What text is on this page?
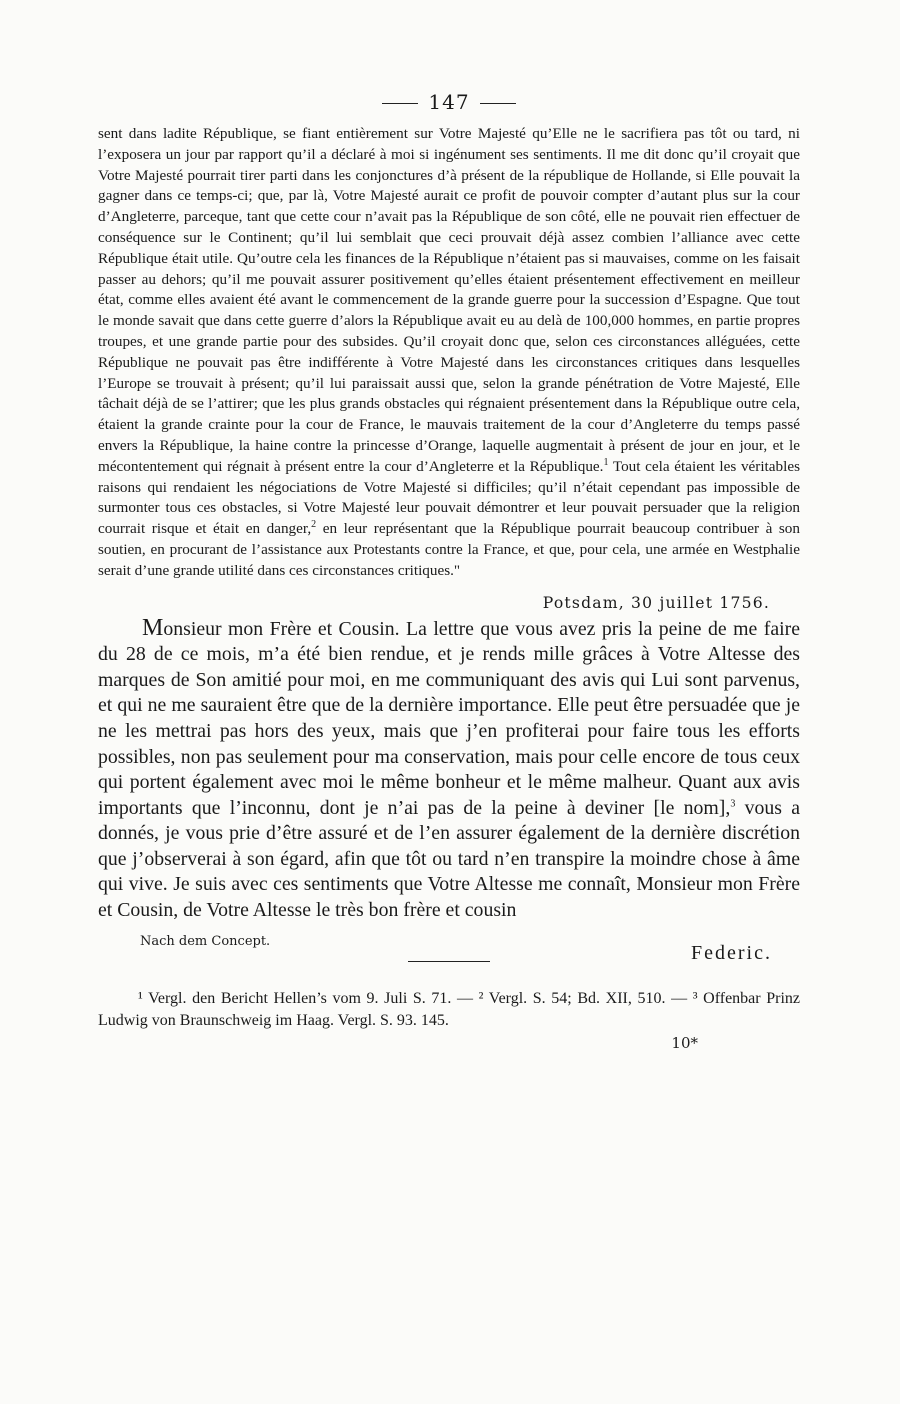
147

sent dans ladite République, se fiant entièrement sur Votre Majesté qu’Elle ne le sacrifiera pas tôt ou tard, ni l’exposera un jour par rapport qu’il a déclaré à moi si ingénument ses sentiments. Il me dit donc qu’il croyait que Votre Majesté pourrait tirer parti dans les conjonctures d’à présent de la république de Hollande, si Elle pouvait la gagner dans ce temps-ci; que, par là, Votre Majesté aurait ce profit de pouvoir compter d’autant plus sur la cour d’Angleterre, parceque, tant que cette cour n’avait pas la République de son côté, elle ne pouvait rien effectuer de conséquence sur le Continent; qu’il lui semblait que ceci prouvait déjà assez combien l’alliance avec cette République était utile. Qu’outre cela les finances de la République n’étaient pas si mauvaises, comme on les faisait passer au dehors; qu’il me pouvait assurer positivement qu’elles étaient présentement effectivement en meilleur état, comme elles avaient été avant le commencement de la grande guerre pour la succession d’Espagne. Que tout le monde savait que dans cette guerre d’alors la République avait eu au delà de 100,000 hommes, en partie propres troupes, et une grande partie pour des subsides. Qu’il croyait donc que, selon ces circonstances alléguées, cette République ne pouvait pas être indifférente à Votre Majesté dans les circonstances critiques dans lesquelles l’Europe se trouvait à présent; qu’il lui paraissait aussi que, selon la grande pénétration de Votre Majesté, Elle tâchait déjà de se l’attirer; que les plus grands obstacles qui régnaient présentement dans la République outre cela, étaient la grande crainte pour la cour de France, le mauvais traitement de la cour d’Angleterre du temps passé envers la République, la haine contre la princesse d’Orange, laquelle augmentait à présent de jour en jour, et le mécontentement qui régnait à présent entre la cour d’Angleterre et la République.$^1$ Tout cela étaient les véritables raisons qui rendaient les négociations de Votre Majesté si difficiles; qu’il n’était cependant pas impossible de surmonter tous ces obstacles, si Votre Majesté leur pouvait démontrer et leur pouvait persuader que la religion courrait risque et était en danger,$^2$ en leur représentant que la République pourrait beaucoup contribuer à son soutien, en procurant de l’assistance aux Protestants contre la France, et que, pour cela, une armée en Westphalie serait d’une grande utilité dans ces circonstances critiques."

Potsdam, 30 juillet 1756.

Monsieur mon Frère et Cousin. La lettre que vous avez pris la peine de me faire du 28 de ce mois, m’a été bien rendue, et je rends mille grâces à Votre Altesse des marques de Son amitié pour moi, en me communiquant des avis qui Lui sont parvenus, et qui ne me sauraient être que de la dernière importance. Elle peut être persuadée que je ne les mettrai pas hors des yeux, mais que j’en profiterai pour faire tous les efforts possibles, non pas seulement pour ma conservation, mais pour celle encore de tous ceux qui portent également avec moi le même bonheur et le même malheur. Quant aux avis importants que l’inconnu, dont je n’ai pas de la peine à deviner [le nom],$^3$ vous a donnés, je vous prie d’être assuré et de l’en assurer également de la dernière discrétion que j’observerai à son égard, afin que tôt ou tard n’en transpire la moindre chose à âme qui vive. Je suis avec ces sentiments que Votre Altesse me connaît, Monsieur mon Frère et Cousin, de Votre Altesse le très bon frère et cousin

Federic.
Nach dem Concept.

¹ Vergl. den Bericht Hellen’s vom 9. Juli S. 71. — ² Vergl. S. 54; Bd. XII, 510. — ³ Offenbar Prinz Ludwig von Braunschweig im Haag. Vergl. S. 93. 145.

10*
